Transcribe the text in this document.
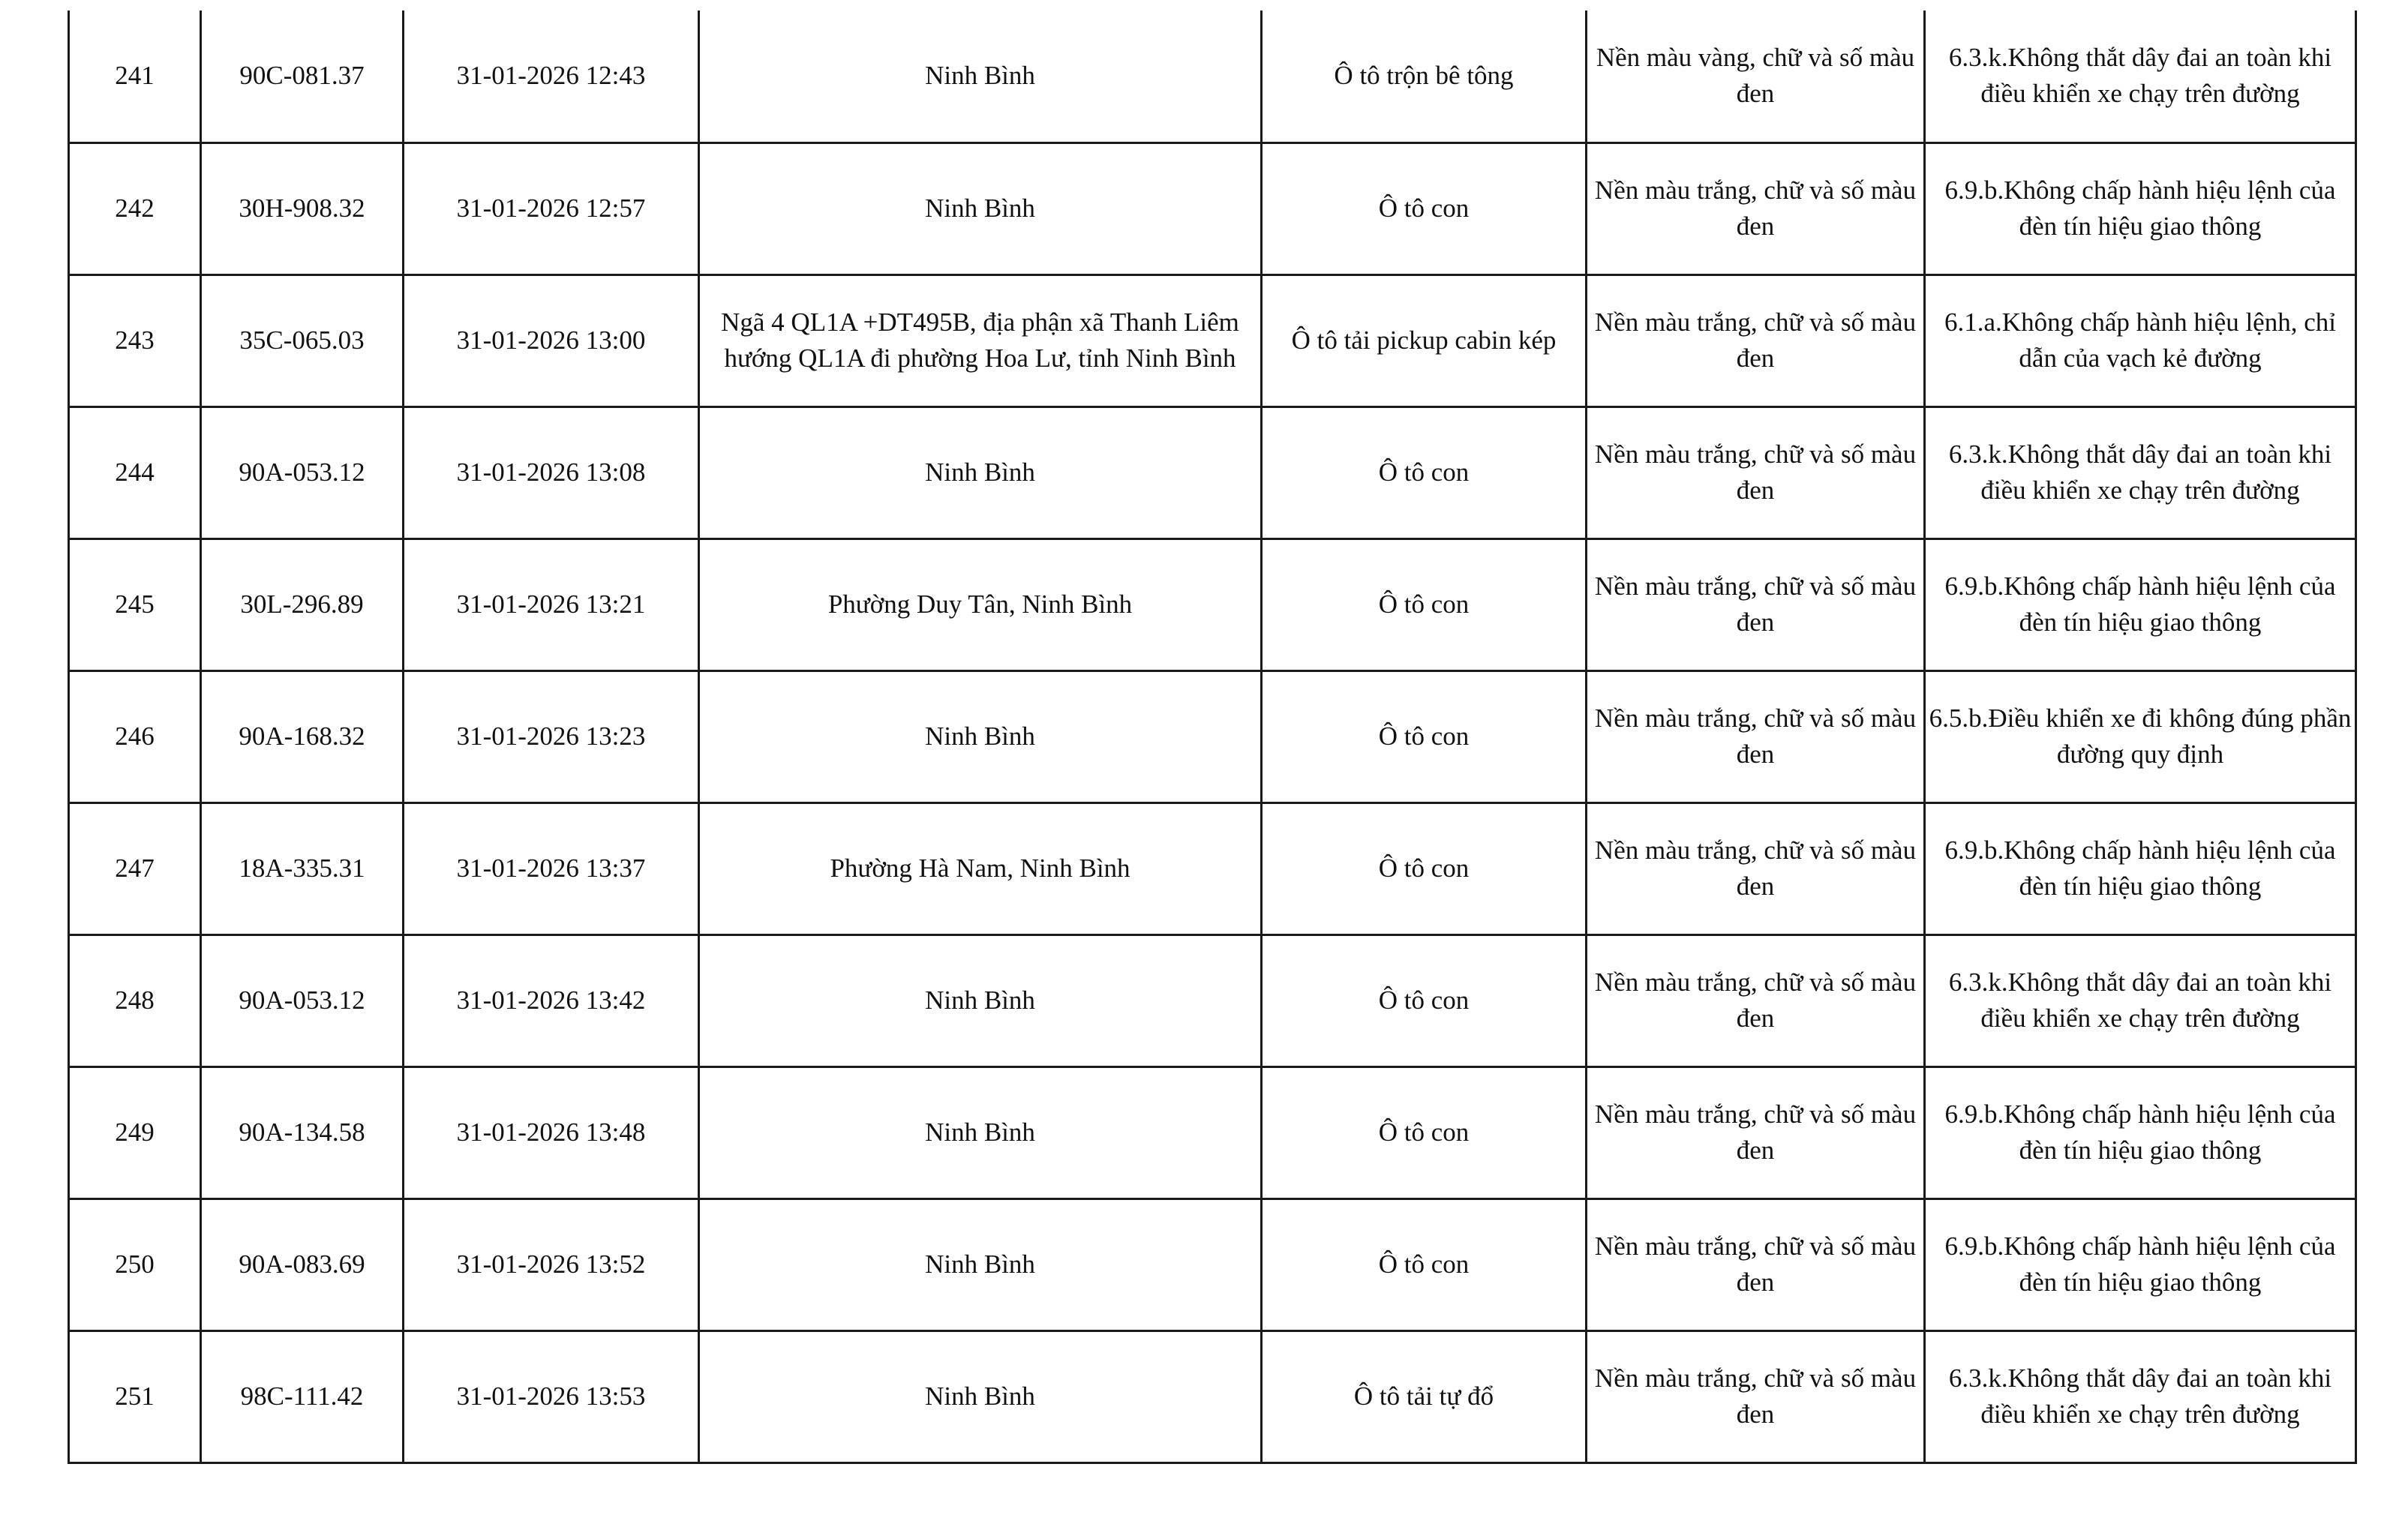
241	90C-081.37	31-01-2026 12:43	Ninh Bình	Ô tô trộn bê tông	Nền màu vàng, chữ và số màu đen	6.3.k.Không thắt dây đai an toàn khi điều khiển xe chạy trên đường
242	30H-908.32	31-01-2026 12:57	Ninh Bình	Ô tô con	Nền màu trắng, chữ và số màu đen	6.9.b.Không chấp hành hiệu lệnh của đèn tín hiệu giao thông
243	35C-065.03	31-01-2026 13:00	Ngã 4 QL1A +DT495B, địa phận xã Thanh Liêm hướng QL1A đi phường Hoa Lư, tỉnh Ninh Bình	Ô tô tải pickup cabin kép	Nền màu trắng, chữ và số màu đen	6.1.a.Không chấp hành hiệu lệnh, chỉ dẫn của vạch kẻ đường
244	90A-053.12	31-01-2026 13:08	Ninh Bình	Ô tô con	Nền màu trắng, chữ và số màu đen	6.3.k.Không thắt dây đai an toàn khi điều khiển xe chạy trên đường
245	30L-296.89	31-01-2026 13:21	Phường Duy Tân, Ninh Bình	Ô tô con	Nền màu trắng, chữ và số màu đen	6.9.b.Không chấp hành hiệu lệnh của đèn tín hiệu giao thông
246	90A-168.32	31-01-2026 13:23	Ninh Bình	Ô tô con	Nền màu trắng, chữ và số màu đen	6.5.b.Điều khiển xe đi không đúng phần đường quy định
247	18A-335.31	31-01-2026 13:37	Phường Hà Nam, Ninh Bình	Ô tô con	Nền màu trắng, chữ và số màu đen	6.9.b.Không chấp hành hiệu lệnh của đèn tín hiệu giao thông
248	90A-053.12	31-01-2026 13:42	Ninh Bình	Ô tô con	Nền màu trắng, chữ và số màu đen	6.3.k.Không thắt dây đai an toàn khi điều khiển xe chạy trên đường
249	90A-134.58	31-01-2026 13:48	Ninh Bình	Ô tô con	Nền màu trắng, chữ và số màu đen	6.9.b.Không chấp hành hiệu lệnh của đèn tín hiệu giao thông
250	90A-083.69	31-01-2026 13:52	Ninh Bình	Ô tô con	Nền màu trắng, chữ và số màu đen	6.9.b.Không chấp hành hiệu lệnh của đèn tín hiệu giao thông
251	98C-111.42	31-01-2026 13:53	Ninh Bình	Ô tô tải tự đổ	Nền màu trắng, chữ và số màu đen	6.3.k.Không thắt dây đai an toàn khi điều khiển xe chạy trên đường
